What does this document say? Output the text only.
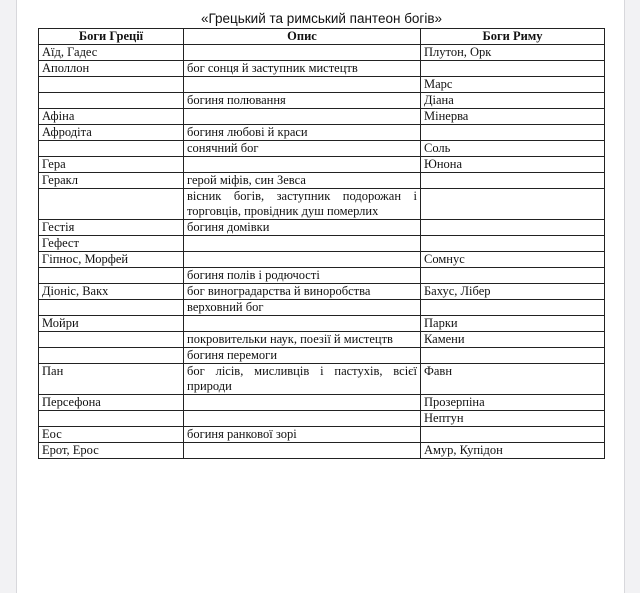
«Грецький та римський пантеон богів»
Боги Греції	Опис	Боги Риму
Аїд, Гадес		Плутон, Орк
Аполлон	бог сонця й заступник мистецтв	
		Марс
	богиня полювання	Діана
Афіна		Мінерва
Афродіта	богиня любові й краси	
	сонячний бог	Соль
Гера		Юнона
Геракл	герой міфів, син Зевса	
	вісник богів, заступник подорожан і торговців, провідник душ померлих	
Гестія	богиня домівки	
Гефест		
Гіпнос, Морфей		Сомнус
	богиня полів і родючості	
Діоніс, Вакх	бог виноградарства й виноробства	Бахус, Лібер
	верховний бог	
Мойри		Парки
	покровительки наук, поезії й мистецтв	Камени
	богиня перемоги	
Пан	бог лісів, мисливців і пастухів, всієї природи	Фавн
Персефона		Прозерпіна
		Нептун
Еос	богиня ранкової зорі	
Ерот, Ерос		Амур, Купідон
